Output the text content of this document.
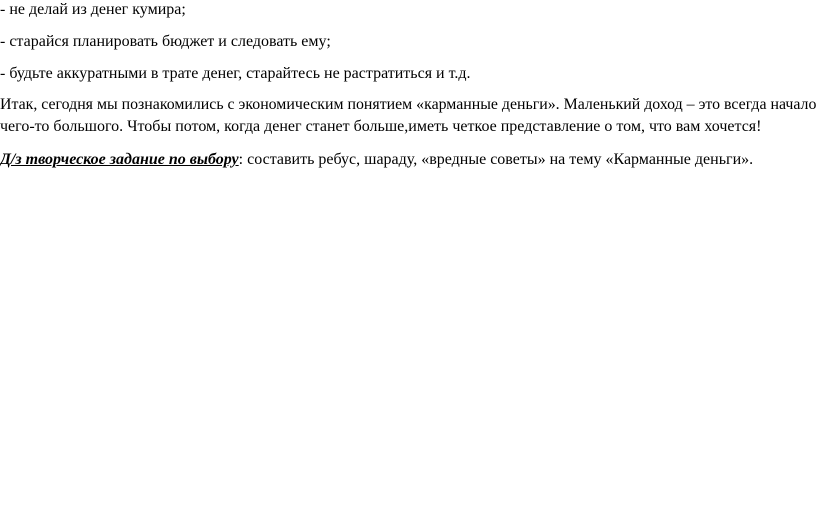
- не делай из денег кумира;
- старайся планировать бюджет и следовать ему;
- будьте аккуратными в трате денег, старайтесь не растратиться и т.д.
Итак, сегодня мы познакомились с экономическим понятием «карманные деньги». Маленький доход – это всегда начало
чего-то большого. Чтобы потом, когда денег станет больше,иметь четкое представление о том, что вам хочется!
Д/з творческое задание по выбору: составить ребус, шараду, «вредные советы» на тему «Карманные деньги».
